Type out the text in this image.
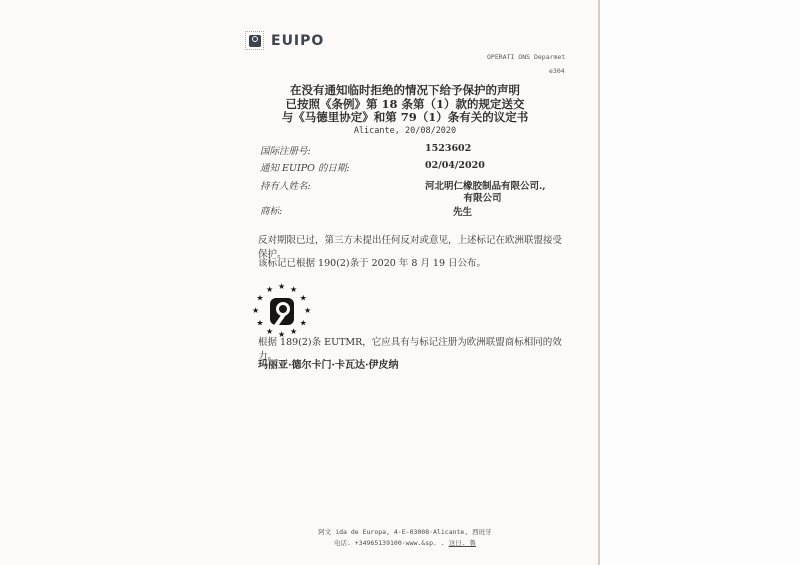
EUIPO
OPERATI ONS Deparmet
e304
在没有通知临时拒绝的情况下给予保护的声明
已按照《条例》第 18 条第（1）款的规定送交
与《马德里协定》和第 79（1）条有关的议定书
Alicante, 20/08/2020
国际注册号:	1523602
通知 EUIPO 的日期:	02/04/2020
持有人姓名:	河北明仁橡胶制品有限公司.,
有限公司
商标:	先生
反对期限已过，第三方未提出任何反对或意见，上述标记在欧洲联盟接受保护。
该标记已根据 190(2)条于 2020 年 8 月 19 日公布。
★ ★
★
★
★
★
★
★
★
★
★
★
根据 189(2)条 EUTMR，它应具有与标记注册为欧洲联盟商标相同的效力。
玛丽亚·德尔卡门·卡瓦达·伊皮纳
阿文 ida de Europa, 4·E-03008·Alicante, 西班牙
电话. +34965139100·www.&sp. . 这日. 鲁
